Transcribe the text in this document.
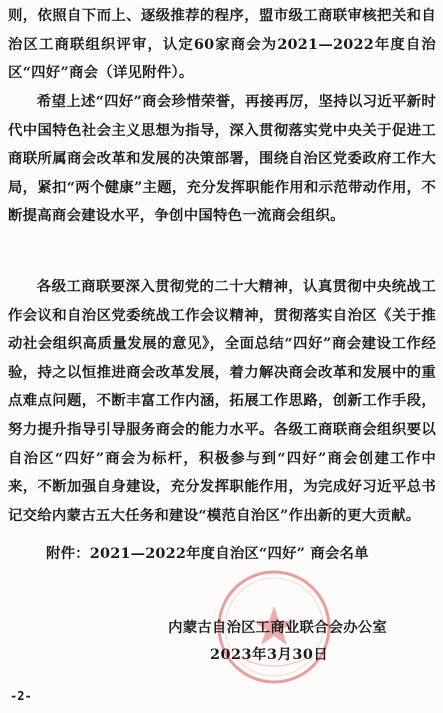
则，依照自下而上、逐级推荐的程序，盟市级工商联审核把关和自治区工商联组织评审，认定60家商会为2021—2022年度自治区“四好”商会（详见附件）。

希望上述“四好”商会珍惜荣誉，再接再厉，坚持以习近平新时代中国特色社会主义思想为指导，深入贯彻落实党中央关于促进工商联所属商会改革和发展的决策部署，围绕自治区党委政府工作大局，紧扣“两个健康”主题，充分发挥职能作用和示范带动作用，不断提高商会建设水平，争创中国特色一流商会组织。

各级工商联要深入贯彻党的二十大精神，认真贯彻中央统战工作会议和自治区党委统战工作会议精神，贯彻落实自治区《关于推动社会组织高质量发展的意见》，全面总结“四好”商会建设工作经验，持之以恒推进商会改革发展，着力解决商会改革和发展中的重点难点问题，不断丰富工作内涵，拓展工作思路，创新工作手段，努力提升指导引导服务商会的能力水平。各级工商联商会组织要以自治区“四好”商会为标杆，积极参与到“四好”商会创建工作中来，不断加强自身建设，充分发挥职能作用，为完成好习近平总书记交给内蒙古五大任务和建设“模范自治区”作出新的更大贡献。

附件：2021—2022年度自治区“四好” 商会名单

内蒙古自治区工商业联合会办公室

2023年3月30日

-2-
